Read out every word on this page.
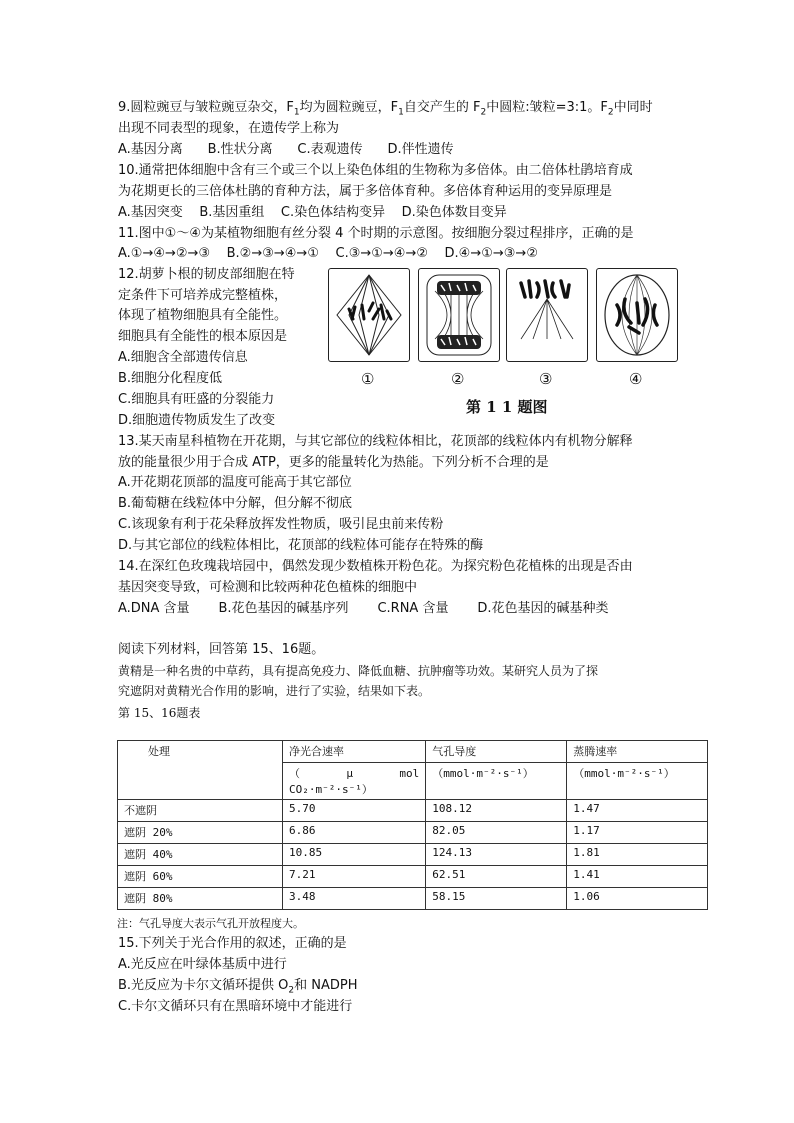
9.圆粒豌豆与皱粒豌豆杂交，$F_1$均为圆粒豌豆，$F_1$自交产生的 $F_2$中圆粒:皱粒=3:1。$F_2$中同时
出现不同表型的现象，在遗传学上称为
A.基因分离      B.性状分离      C.表观遗传      D.伴性遗传
10.通常把体细胞中含有三个或三个以上染色体组的生物称为多倍体。由二倍体杜鹃培育成
为花期更长的三倍体杜鹃的育种方法，属于多倍体育种。多倍体育种运用的变异原理是
A.基因突变    B.基因重组    C.染色体结构变异    D.染色体数目变异
11.图中①～④为某植物细胞有丝分裂 4 个时期的示意图。按细胞分裂过程排序，正确的是
A.①→④→②→③    B.②→③→④→①    C.③→①→④→②    D.④→①→③→②
12.胡萝卜根的韧皮部细胞在特
定条件下可培养成完整植株，
体现了植物细胞具有全能性。
细胞具有全能性的根本原因是
A.细胞含全部遗传信息
B.细胞分化程度低
C.细胞具有旺盛的分裂能力
D.细胞遗传物质发生了改变
①	②	③	④
第 1 1 题图
13.某天南星科植物在开花期，与其它部位的线粒体相比，花顶部的线粒体内有机物分解释
放的能量很少用于合成 ATP，更多的能量转化为热能。下列分析不合理的是
A.开花期花顶部的温度可能高于其它部位
B.葡萄糖在线粒体中分解，但分解不彻底
C.该现象有利于花朵释放挥发性物质，吸引昆虫前来传粉
D.与其它部位的线粒体相比，花顶部的线粒体可能存在特殊的酶
14.在深红色玫瑰栽培园中，偶然发现少数植株开粉色花。为探究粉色花植株的出现是否由
基因突变导致，可检测和比较两种花色植株的细胞中
A.DNA 含量       B.花色基因的碱基序列       C.RNA 含量       D.花色基因的碱基种类
阅读下列材料，回答第 15、16题。
黄精是一种名贵的中草药，具有提高免疫力、降低血糖、抗肿瘤等功效。某研究人员为了探
究遮阴对黄精光合作用的影响，进行了实验，结果如下表。
第 15、16题表
处理	净光合速率	气孔导度	蒸腾速率

	（       μ       mol
CO₂·m⁻²·s⁻¹）	（mmol·m⁻²·s⁻¹）	（mmol·m⁻²·s⁻¹）
不遮阴	5.70	108.12	1.47
遮阴 20%	6.86	82.05	1.17
遮阴 40%	10.85	124.13	1.81
遮阴 60%	7.21	62.51	1.41
遮阴 80%	3.48	58.15	1.06
注：气孔导度大表示气孔开放程度大。
15.下列关于光合作用的叙述，正确的是
A.光反应在叶绿体基质中进行
B.光反应为卡尔文循环提供 $O_2$和 NADPH
C.卡尔文循环只有在黑暗环境中才能进行
